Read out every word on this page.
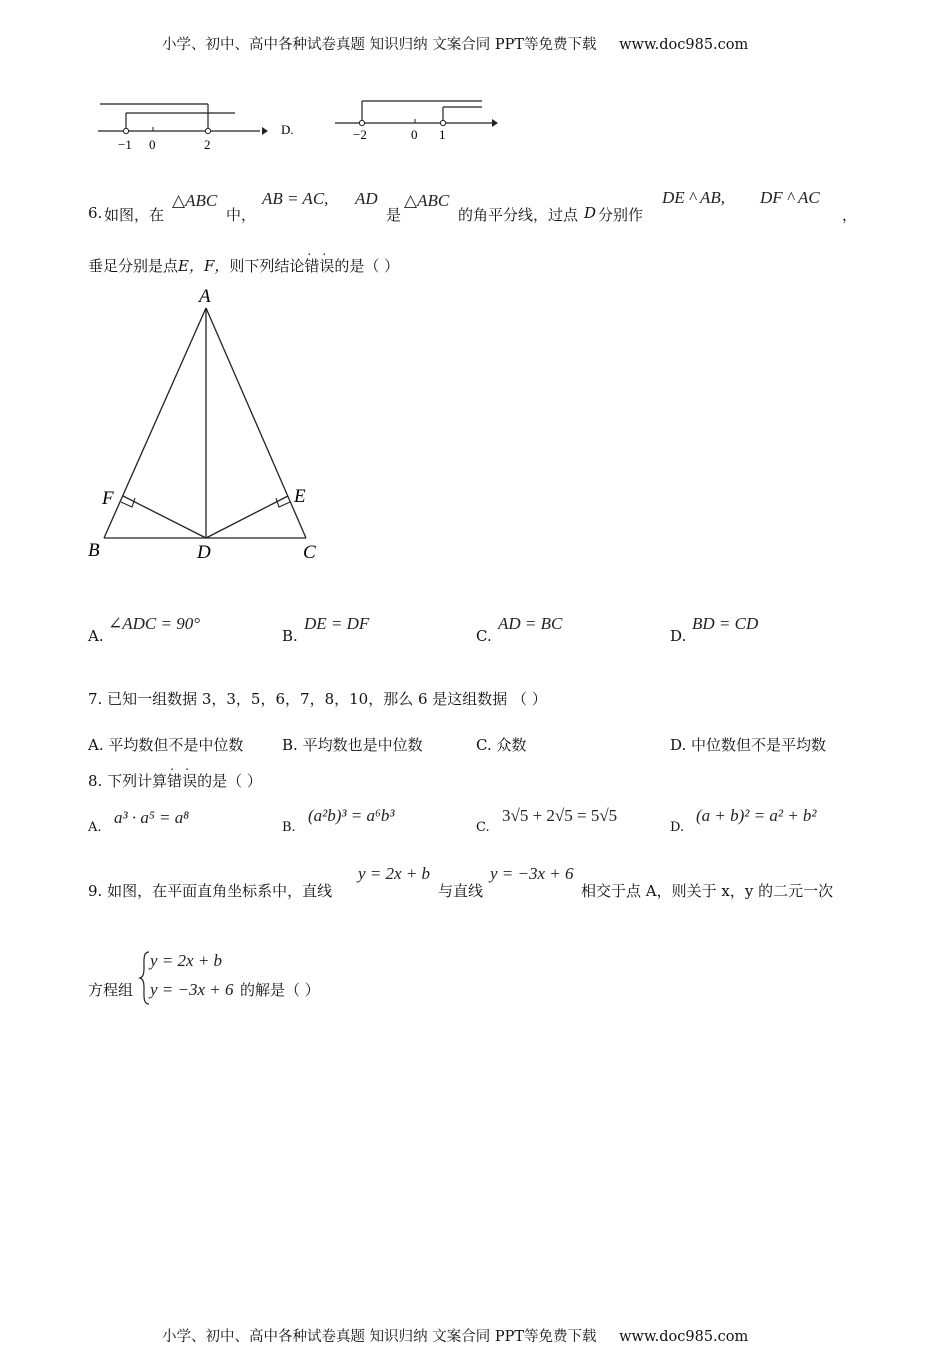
小学、初中、高中各种试卷真题 知识归纳 文案合同 PPT等免费下载 www.doc985.com
−1 0	2
D.	−2	0 1
6. 如图，在
△ABC
中，
AB = AC, AD
是
△ABC
的角平分线，过点 D 分别作
DE ^ AB, DF ^ AC
，
垂足分别是点E，F，则下列结论
. .
错误的是（ ）
A
F	E
B	D	C
A.
∠ADC = 90°
B.
DE = DF
C.
AD = BC
D.
BD = CD
7. 已知一组数据 3，3，5，6，7，8，10，那么 6 是这组数据 （ ）
A. 平均数但不是中位数	B. 平均数也是中位数	C. 众数	D. 中位数但不是平均数
8. 下列计算
. .
错误的是（ ）
A.
a³ · a⁵ = a⁸
B.
(a²b)³ = a⁶b³
C.
3√5 + 2√5 = 5√5
D.
(a + b)² = a² + b²
9. 如图，在平面直角坐标系中，直线
y = 2x + b
与直线
y = −3x + 6
相交于点 A，则关于 x，y 的二元一次
方程组
y = 2x + b
y = −3x + 6 的解是（ ）
小学、初中、高中各种试卷真题 知识归纳 文案合同 PPT等免费下载 www.doc985.com
